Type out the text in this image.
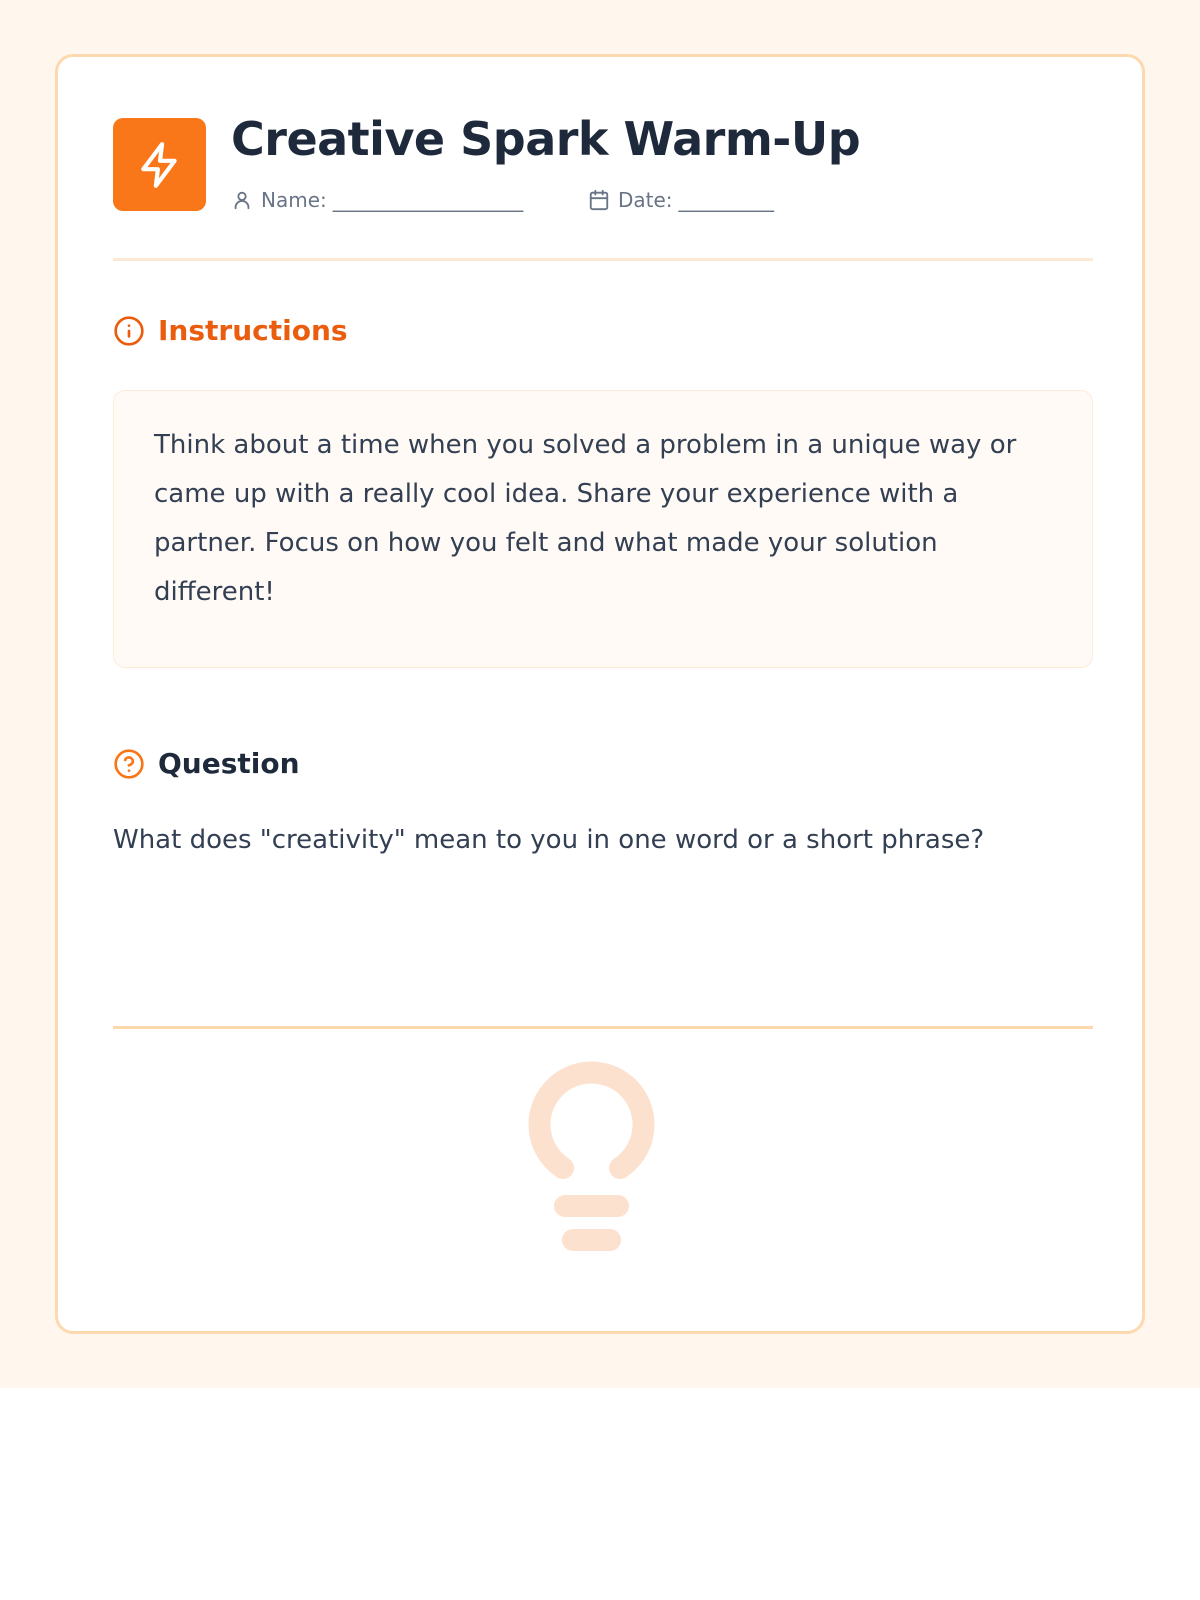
Creative Spark Warm-Up
Name: ____________________	Date: __________
Instructions

Think about a time when you solved a problem in a unique way or came up with a really cool idea. Share your experience with a partner. Focus on how you felt and what made your solution different!

Question
What does "creativity" mean to you in one word or a short phrase?
